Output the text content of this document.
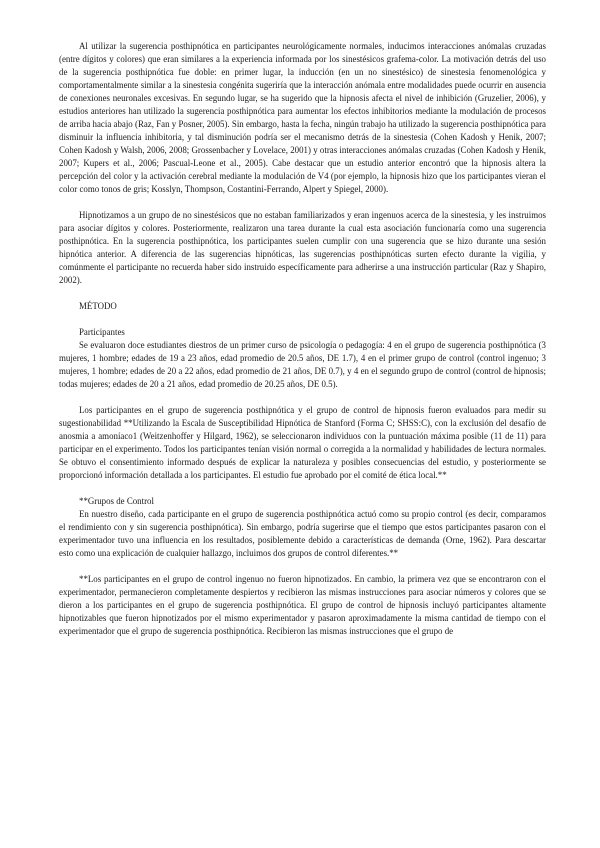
Al utilizar la sugerencia posthipnótica en participantes neurológicamente normales, inducimos interacciones anómalas cruzadas (entre dígitos y colores) que eran similares a la experiencia informada por los sinestésicos grafema-color. La motivación detrás del uso de la sugerencia posthipnótica fue doble: en primer lugar, la inducción (en un no sinestésico) de sinestesia fenomenológica y comportamentalmente similar a la sinestesia congénita sugeriría que la interacción anómala entre modalidades puede ocurrir en ausencia de conexiones neuronales excesivas. En segundo lugar, se ha sugerido que la hipnosis afecta el nivel de inhibición (Gruzelier, 2006), y estudios anteriores han utilizado la sugerencia posthipnótica para aumentar los efectos inhibitorios mediante la modulación de procesos de arriba hacia abajo (Raz, Fan y Posner, 2005). Sin embargo, hasta la fecha, ningún trabajo ha utilizado la sugerencia posthipnótica para disminuir la influencia inhibitoria, y tal disminución podría ser el mecanismo detrás de la sinestesia (Cohen Kadosh y Henik, 2007; Cohen Kadosh y Walsh, 2006, 2008; Grossenbacher y Lovelace, 2001) y otras interacciones anómalas cruzadas (Cohen Kadosh y Henik, 2007; Kupers et al., 2006; Pascual-Leone et al., 2005). Cabe destacar que un estudio anterior encontró que la hipnosis altera la percepción del color y la activación cerebral mediante la modulación de V4 (por ejemplo, la hipnosis hizo que los participantes vieran el color como tonos de gris; Kosslyn, Thompson, Costantini-Ferrando, Alpert y Spiegel, 2000).

Hipnotizamos a un grupo de no sinestésicos que no estaban familiarizados y eran ingenuos acerca de la sinestesia, y les instruimos para asociar dígitos y colores. Posteriormente, realizaron una tarea durante la cual esta asociación funcionaría como una sugerencia posthipnótica. En la sugerencia posthipnótica, los participantes suelen cumplir con una sugerencia que se hizo durante una sesión hipnótica anterior. A diferencia de las sugerencias hipnóticas, las sugerencias posthipnóticas surten efecto durante la vigilia, y comúnmente el participante no recuerda haber sido instruido específicamente para adherirse a una instrucción particular (Raz y Shapiro, 2002).

MÉTODO
Participantes

Se evaluaron doce estudiantes diestros de un primer curso de psicología o pedagogía: 4 en el grupo de sugerencia posthipnótica (3 mujeres, 1 hombre; edades de 19 a 23 años, edad promedio de 20.5 años, DE 1.7), 4 en el primer grupo de control (control ingenuo; 3 mujeres, 1 hombre; edades de 20 a 22 años, edad promedio de 21 años, DE 0.7), y 4 en el segundo grupo de control (control de hipnosis; todas mujeres; edades de 20 a 21 años, edad promedio de 20.25 años, DE 0.5).

Los participantes en el grupo de sugerencia posthipnótica y el grupo de control de hipnosis fueron evaluados para medir su sugestionabilidad **Utilizando la Escala de Susceptibilidad Hipnótica de Stanford (Forma C; SHSS:C), con la exclusión del desafío de anosmia a amoníaco1 (Weitzenhoffer y Hilgard, 1962), se seleccionaron individuos con la puntuación máxima posible (11 de 11) para participar en el experimento. Todos los participantes tenían visión normal o corregida a la normalidad y habilidades de lectura normales. Se obtuvo el consentimiento informado después de explicar la naturaleza y posibles consecuencias del estudio, y posteriormente se proporcionó información detallada a los participantes. El estudio fue aprobado por el comité de ética local.**

**Grupos de Control

En nuestro diseño, cada participante en el grupo de sugerencia posthipnótica actuó como su propio control (es decir, comparamos el rendimiento con y sin sugerencia posthipnótica). Sin embargo, podría sugerirse que el tiempo que estos participantes pasaron con el experimentador tuvo una influencia en los resultados, posiblemente debido a características de demanda (Orne, 1962). Para descartar esto como una explicación de cualquier hallazgo, incluimos dos grupos de control diferentes.**

**Los participantes en el grupo de control ingenuo no fueron hipnotizados. En cambio, la primera vez que se encontraron con el experimentador, permanecieron completamente despiertos y recibieron las mismas instrucciones para asociar números y colores que se dieron a los participantes en el grupo de sugerencia posthipnótica. El grupo de control de hipnosis incluyó participantes altamente hipnotizables que fueron hipnotizados por el mismo experimentador y pasaron aproximadamente la misma cantidad de tiempo con el experimentador que el grupo de sugerencia posthipnótica. Recibieron las mismas instrucciones que el grupo de
